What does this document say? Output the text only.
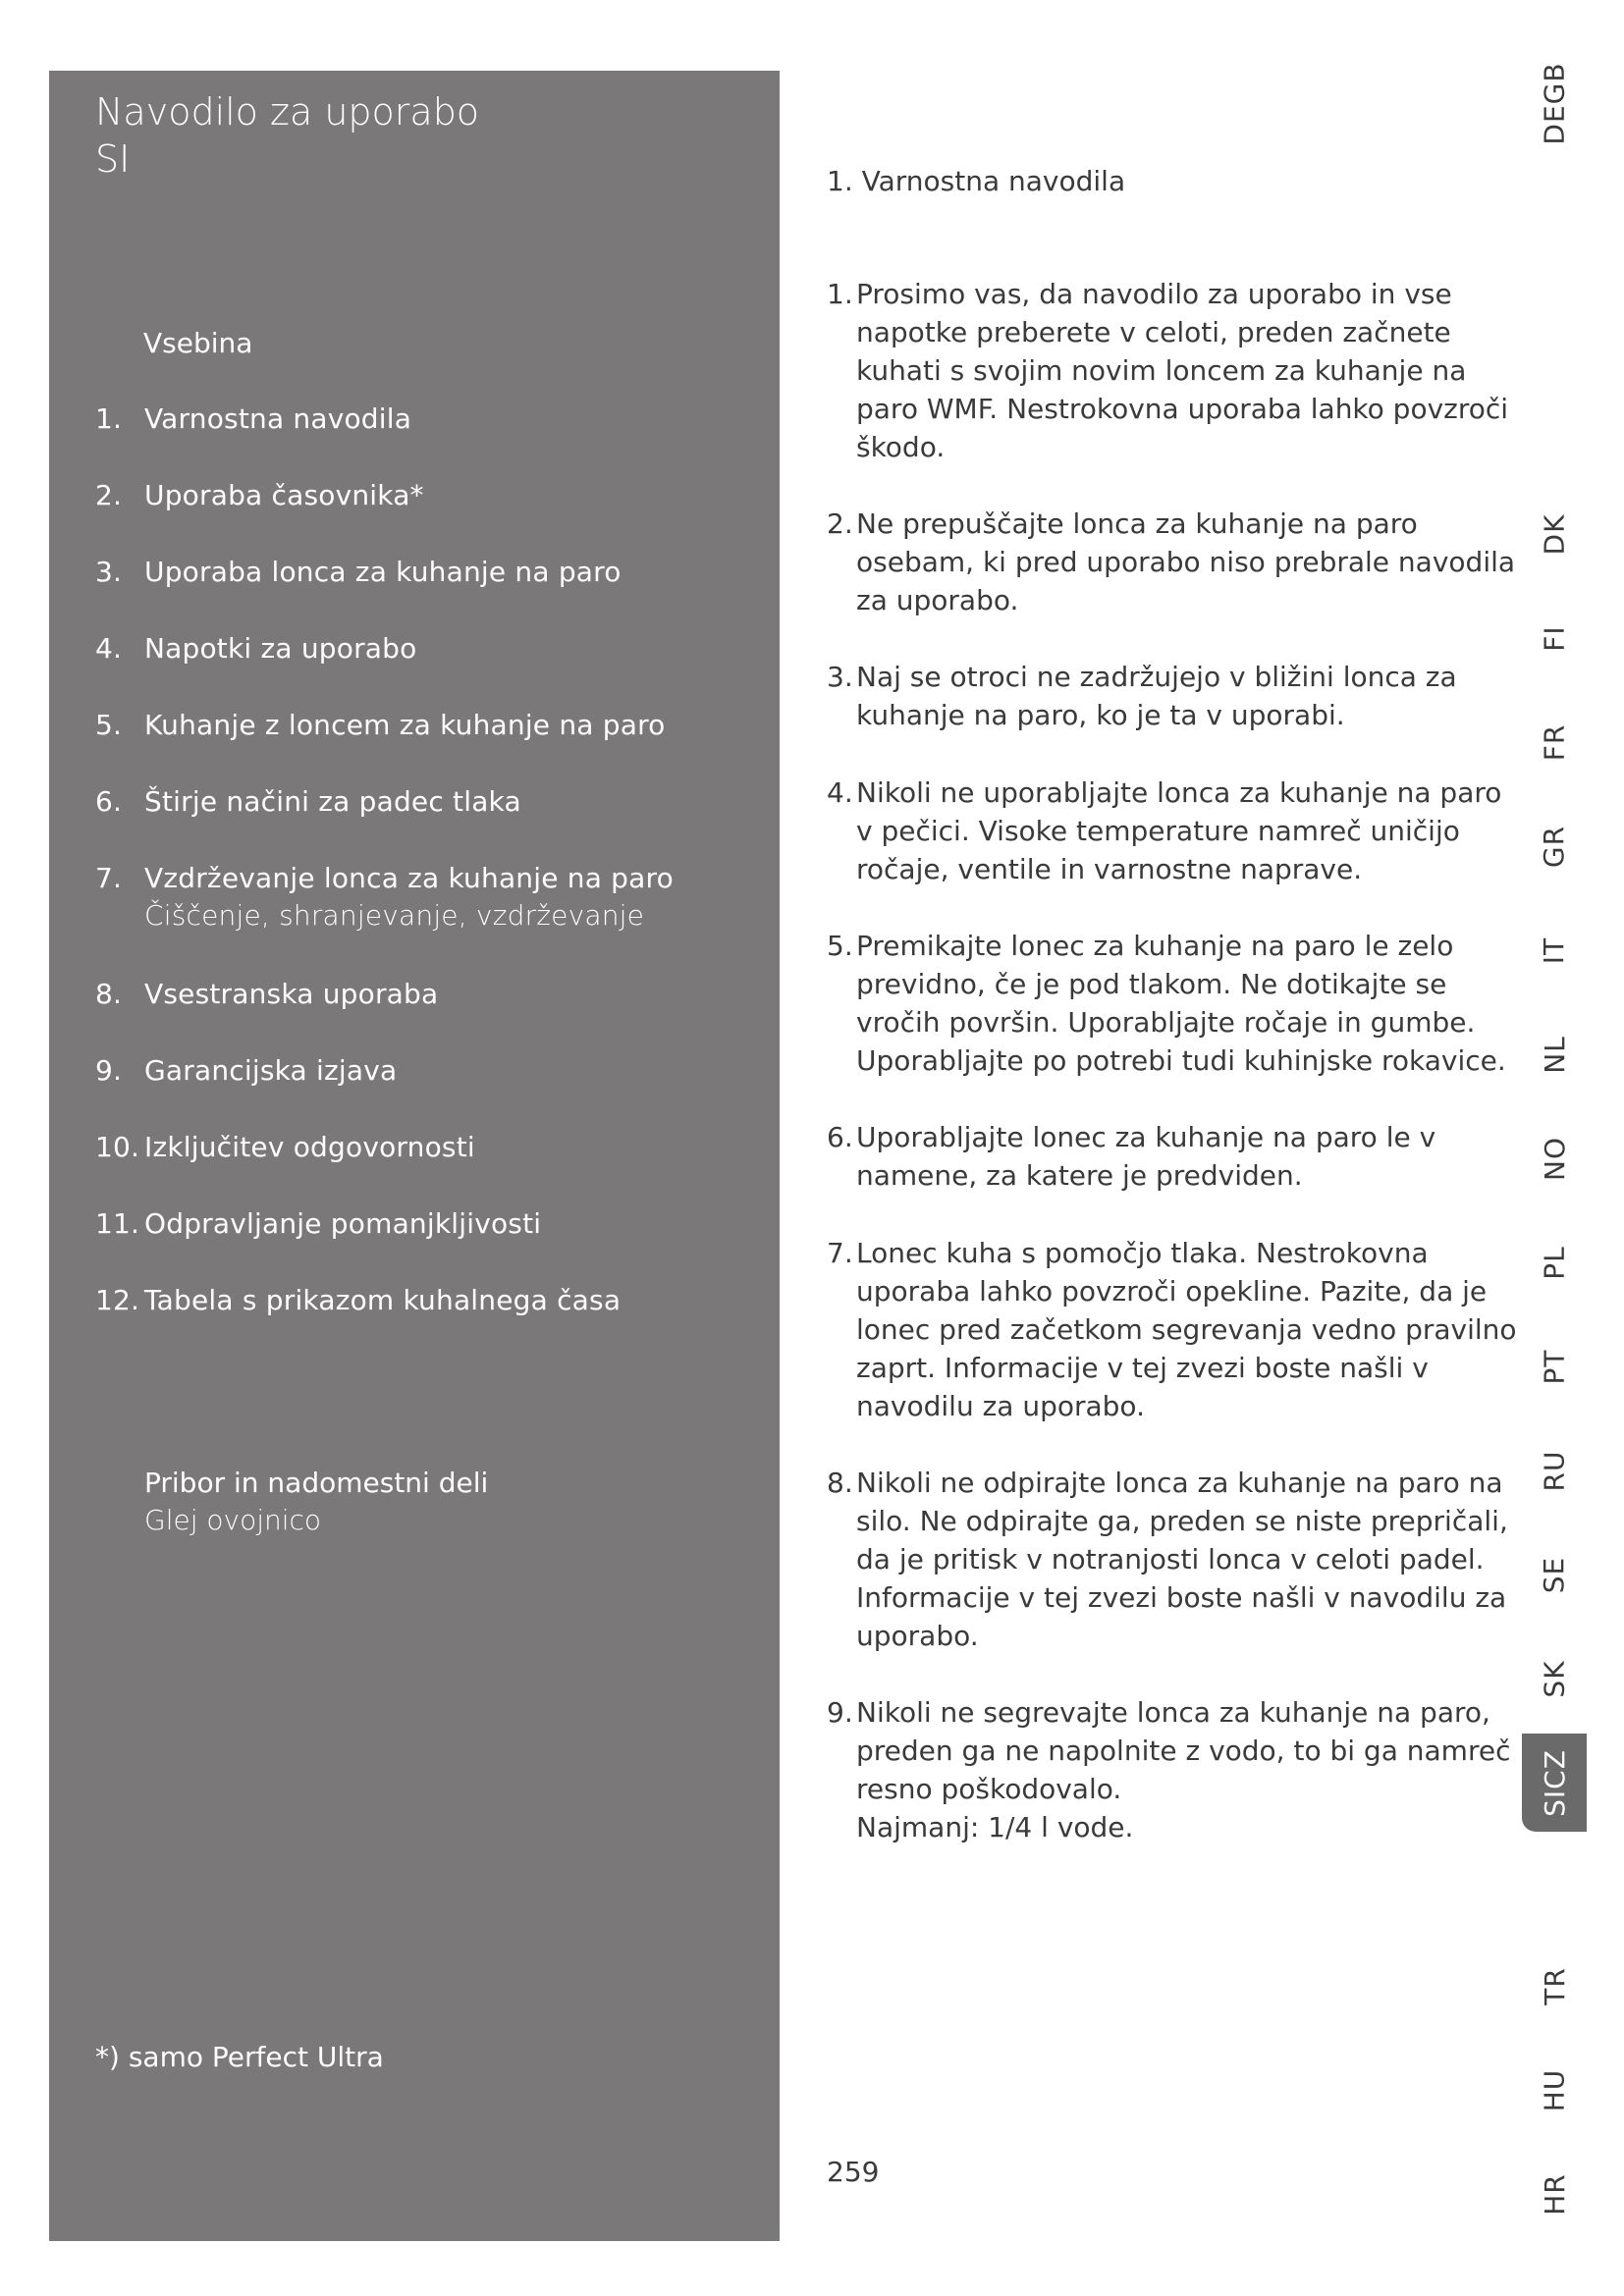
Navodilo za uporabo
SI
Vsebina
1. Varnostna navodila
2. Uporaba časovnika*
3. Uporaba lonca za kuhanje na paro
4. Napotki za uporabo
5. Kuhanje z loncem za kuhanje na paro
6. Štirje načini za padec tlaka
7. Vzdrževanje lonca za kuhanje na paro
Čiščenje, shranjevanje, vzdrževanje
8. Vsestranska uporaba
9. Garancijska izjava
10. Izključitev odgovornosti
11. Odpravljanje pomanjkljivosti
12. Tabela s prikazom kuhalnega časa
Pribor in nadomestni deli
Glej ovojnico
*) samo Perfect Ultra
1. Varnostna navodila
1. Prosimo vas, da navodilo za uporabo in vse
napotke preberete v celoti, preden začnete
kuhati s svojim novim loncem za kuhanje na
paro WMF. Nestrokovna uporaba lahko povzroči
škodo.
2. Ne prepuščajte lonca za kuhanje na paro
osebam, ki pred uporabo niso prebrale navodila
za uporabo.
3. Naj se otroci ne zadržujejo v bližini lonca za
kuhanje na paro, ko je ta v uporabi.
4. Nikoli ne uporabljajte lonca za kuhanje na paro
v pečici. Visoke temperature namreč uničijo
ročaje, ventile in varnostne naprave.
5. Premikajte lonec za kuhanje na paro le zelo
previdno, če je pod tlakom. Ne dotikajte se
vročih površin. Uporabljajte ročaje in gumbe.
Uporabljajte po potrebi tudi kuhinjske rokavice.
6. Uporabljajte lonec za kuhanje na paro le v
namene, za katere je predviden.
7. Lonec kuha s pomočjo tlaka. Nestrokovna
uporaba lahko povzroči opekline. Pazite, da je
lonec pred začetkom segrevanja vedno pravilno
zaprt. Informacije v tej zvezi boste našli v
navodilu za uporabo.
8. Nikoli ne odpirajte lonca za kuhanje na paro na
silo. Ne odpirajte ga, preden se niste prepričali,
da je pritisk v notranjosti lonca v celoti padel.
Informacije v tej zvezi boste našli v navodilu za
uporabo.
9. Nikoli ne segrevajte lonca za kuhanje na paro,
preden ga ne napolnite z vodo, to bi ga namreč
resno poškodovalo.
Najmanj: 1/4 l vode.
259
DEGB
DK
FI
FR
GR
IT
NL
NO
PL
PT
RU
SE
SK
SICZ
TR
HU
HR
